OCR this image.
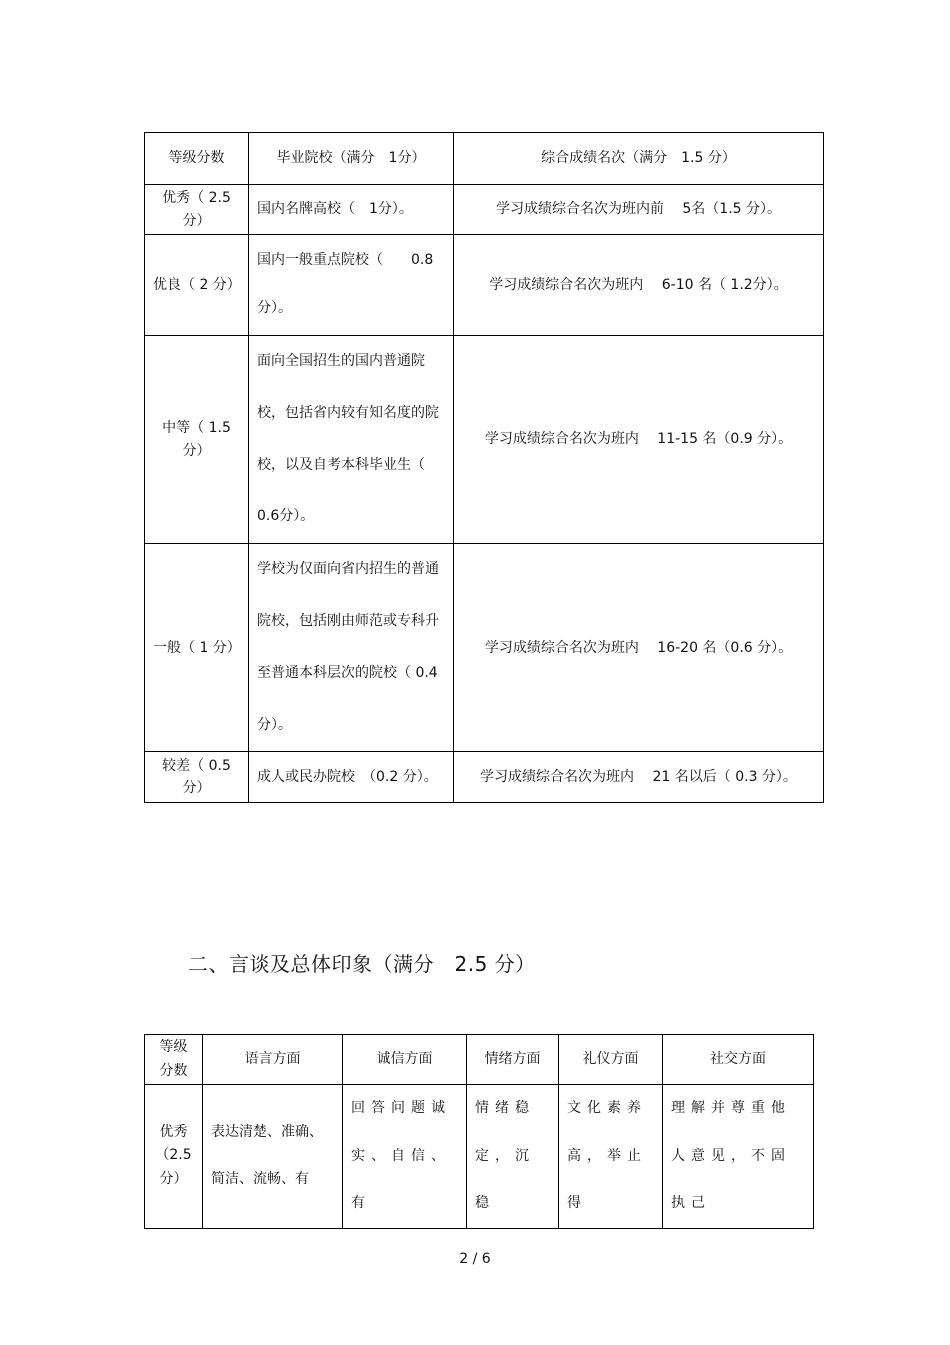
等级分数	毕业院校（满分　1分）	综合成绩名次（满分　1.5 分）
优秀（ 2.5 分）	国内名牌高校（　1分）。	学习成绩综合名次为班内前　 5名（1.5 分）。
优良（ 2 分）	国内一般重点院校（　　0.8 分）。	学习成绩综合名次为班内　 6-10 名（ 1.2分）。
中等（ 1.5 分）	面向全国招生的国内普通院校，包括省内较有知名度的院校，以及自考本科毕业生（ 0.6分）。	学习成绩综合名次为班内　 11-15 名（0.9 分）。
一般（ 1 分）	学校为仅面向省内招生的普通院校，包括刚由师范或专科升至普通本科层次的院校（ 0.4分）。	学习成绩综合名次为班内　 16-20 名（0.6 分）。
较差（ 0.5 分）	成人或民办院校　（0.2 分）。	学习成绩综合名次为班内　 21 名以后（ 0.3 分）。
二、言谈及总体印象（满分　2.5 分）
等级分数	语言方面	诚信方面	情绪方面	礼仪方面	社交方面
优秀（2.5 分）	表达清楚、准确、简洁、流畅、有	回答问题诚实、自信、有	情绪稳定，沉稳	文化素养高，举止得	理解并尊重他人意见，不固执己
2 / 6
